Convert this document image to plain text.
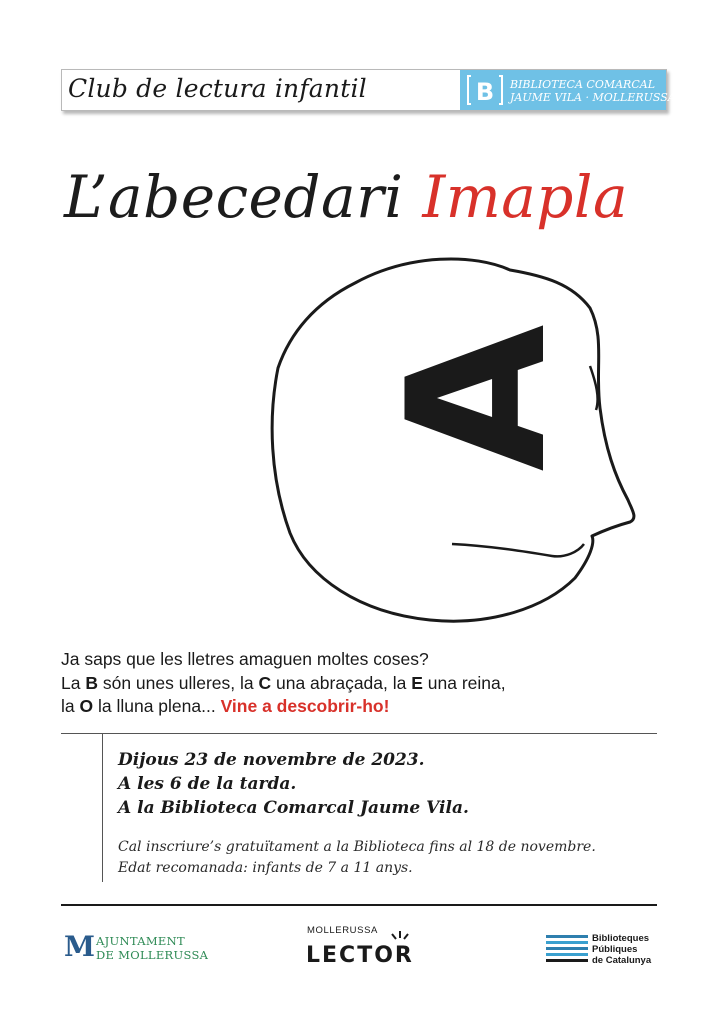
Club de lectura infantil	B BIBLIOTECA COMARCAL
JAUME VILA · MOLLERUSSA
L’abecedari Imapla
A
Ja saps que les lletres amaguen moltes coses?
La B són unes ulleres, la C una abraçada, la E una reina,
la O la lluna plena... Vine a descobrir-ho!
Dijous 23 de novembre de 2023.
A les 6 de la tarda.
A la Biblioteca Comarcal Jaume Vila.
Cal inscriure’s gratuïtament a la Biblioteca fins al 18 de novembre.
Edat recomanada: infants de 7 a 11 anys.
M AJUNTAMENT
DE MOLLERUSSA
MOLLERUSSA
LECTOR
Biblioteques
Públiques
de Catalunya
